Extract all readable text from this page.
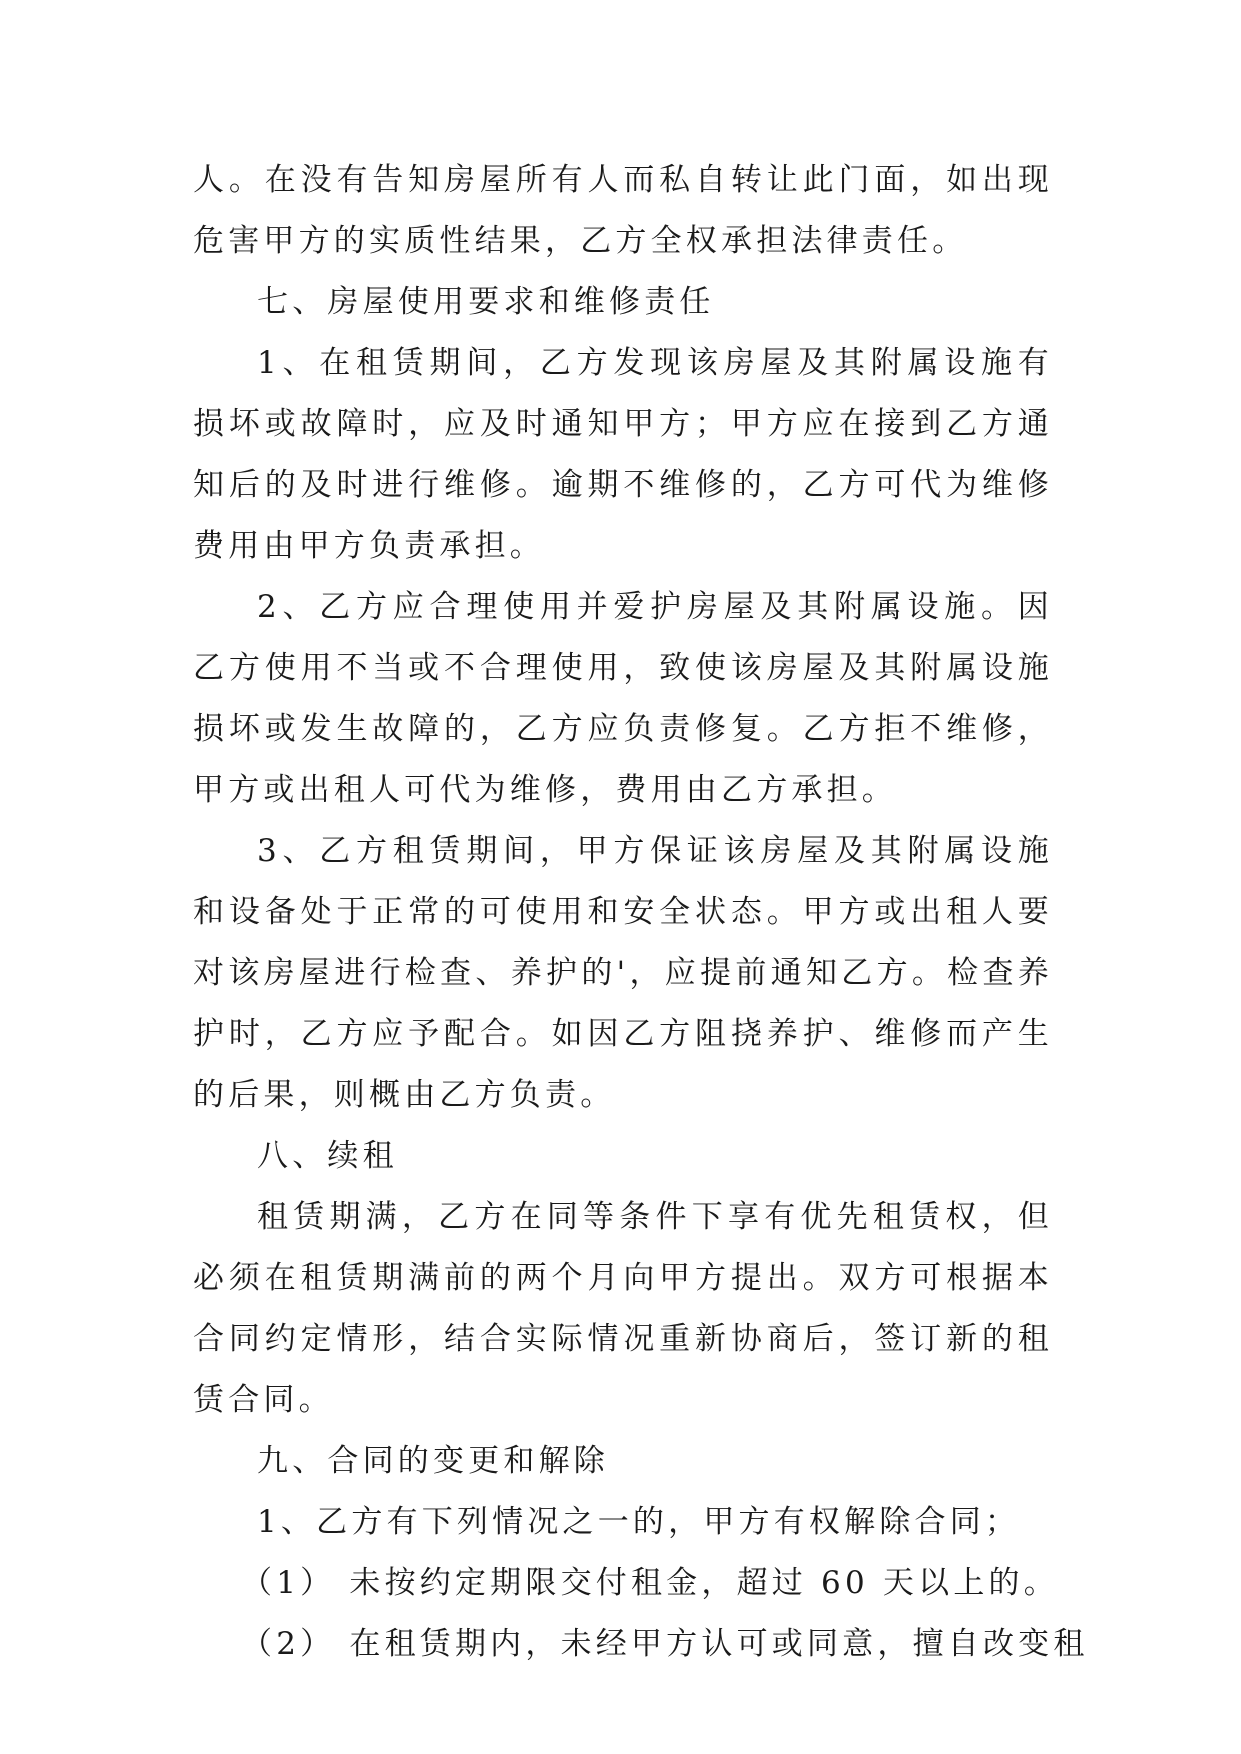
人。在没有告知房屋所有人而私自转让此门面，如出现危害甲方的实质性结果，乙方全权承担法律责任。

七、房屋使用要求和维修责任

1、在租赁期间，乙方发现该房屋及其附属设施有损坏或故障时，应及时通知甲方；甲方应在接到乙方通知后的及时进行维修。逾期不维修的，乙方可代为维修费用由甲方负责承担。

2、乙方应合理使用并爱护房屋及其附属设施。因乙方使用不当或不合理使用，致使该房屋及其附属设施损坏或发生故障的，乙方应负责修复。乙方拒不维修，甲方或出租人可代为维修，费用由乙方承担。

3、乙方租赁期间，甲方保证该房屋及其附属设施和设备处于正常的可使用和安全状态。甲方或出租人要对该房屋进行检查、养护的'，应提前通知乙方。检查养护时，乙方应予配合。如因乙方阻挠养护、维修而产生的后果，则概由乙方负责。

八、续租

租赁期满，乙方在同等条件下享有优先租赁权，但必须在租赁期满前的两个月向甲方提出。双方可根据本合同约定情形，结合实际情况重新协商后，签订新的租赁合同。

九、合同的变更和解除

1、乙方有下列情况之一的，甲方有权解除合同；

（1） 未按约定期限交付租金，超过 60 天以上的。

（2） 在租赁期内，未经甲方认可或同意，擅自改变租
